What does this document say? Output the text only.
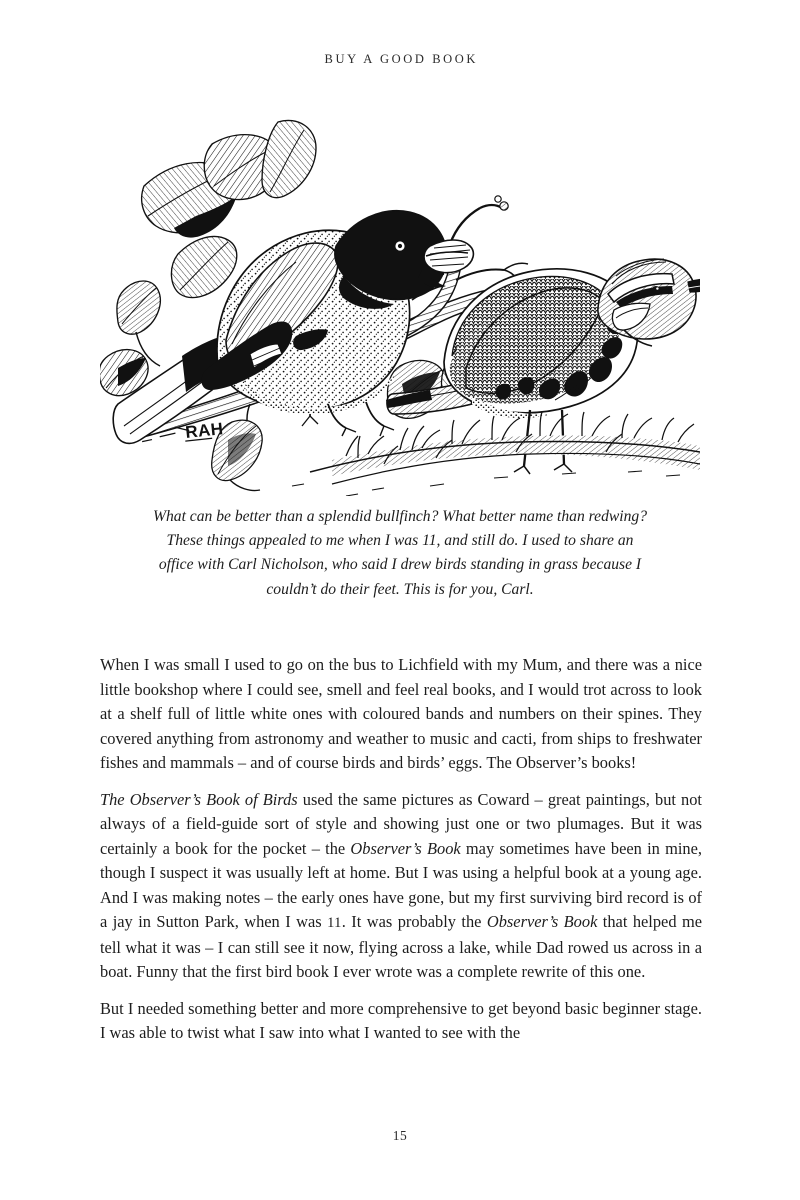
BUY A GOOD BOOK
RAH
What can be better than a splendid bullfinch? What better name than redwing? These things appealed to me when I was 11, and still do. I used to share an office with Carl Nicholson, who said I drew birds standing in grass because I couldn’t do their feet. This is for you, Carl.

When I was small I used to go on the bus to Lichfield with my Mum, and there was a nice little bookshop where I could see, smell and feel real books, and I would trot across to look at a shelf full of little white ones with coloured bands and numbers on their spines. They covered anything from astronomy and weather to music and cacti, from ships to freshwater fishes and mammals – and of course birds and birds’ eggs. The Observer’s books!

The Observer’s Book of Birds used the same pictures as Coward – great paintings, but not always of a field-guide sort of style and showing just one or two plumages. But it was certainly a book for the pocket – the Observer’s Book may sometimes have been in mine, though I suspect it was usually left at home. But I was using a helpful book at a young age. And I was making notes – the early ones have gone, but my first surviving bird record is of a jay in Sutton Park, when I was 11. It was probably the Observer’s Book that helped me tell what it was – I can still see it now, flying across a lake, while Dad rowed us across in a boat. Funny that the first bird book I ever wrote was a complete rewrite of this one.

But I needed something better and more comprehensive to get beyond basic beginner stage. I was able to twist what I saw into what I wanted to see with the

15
